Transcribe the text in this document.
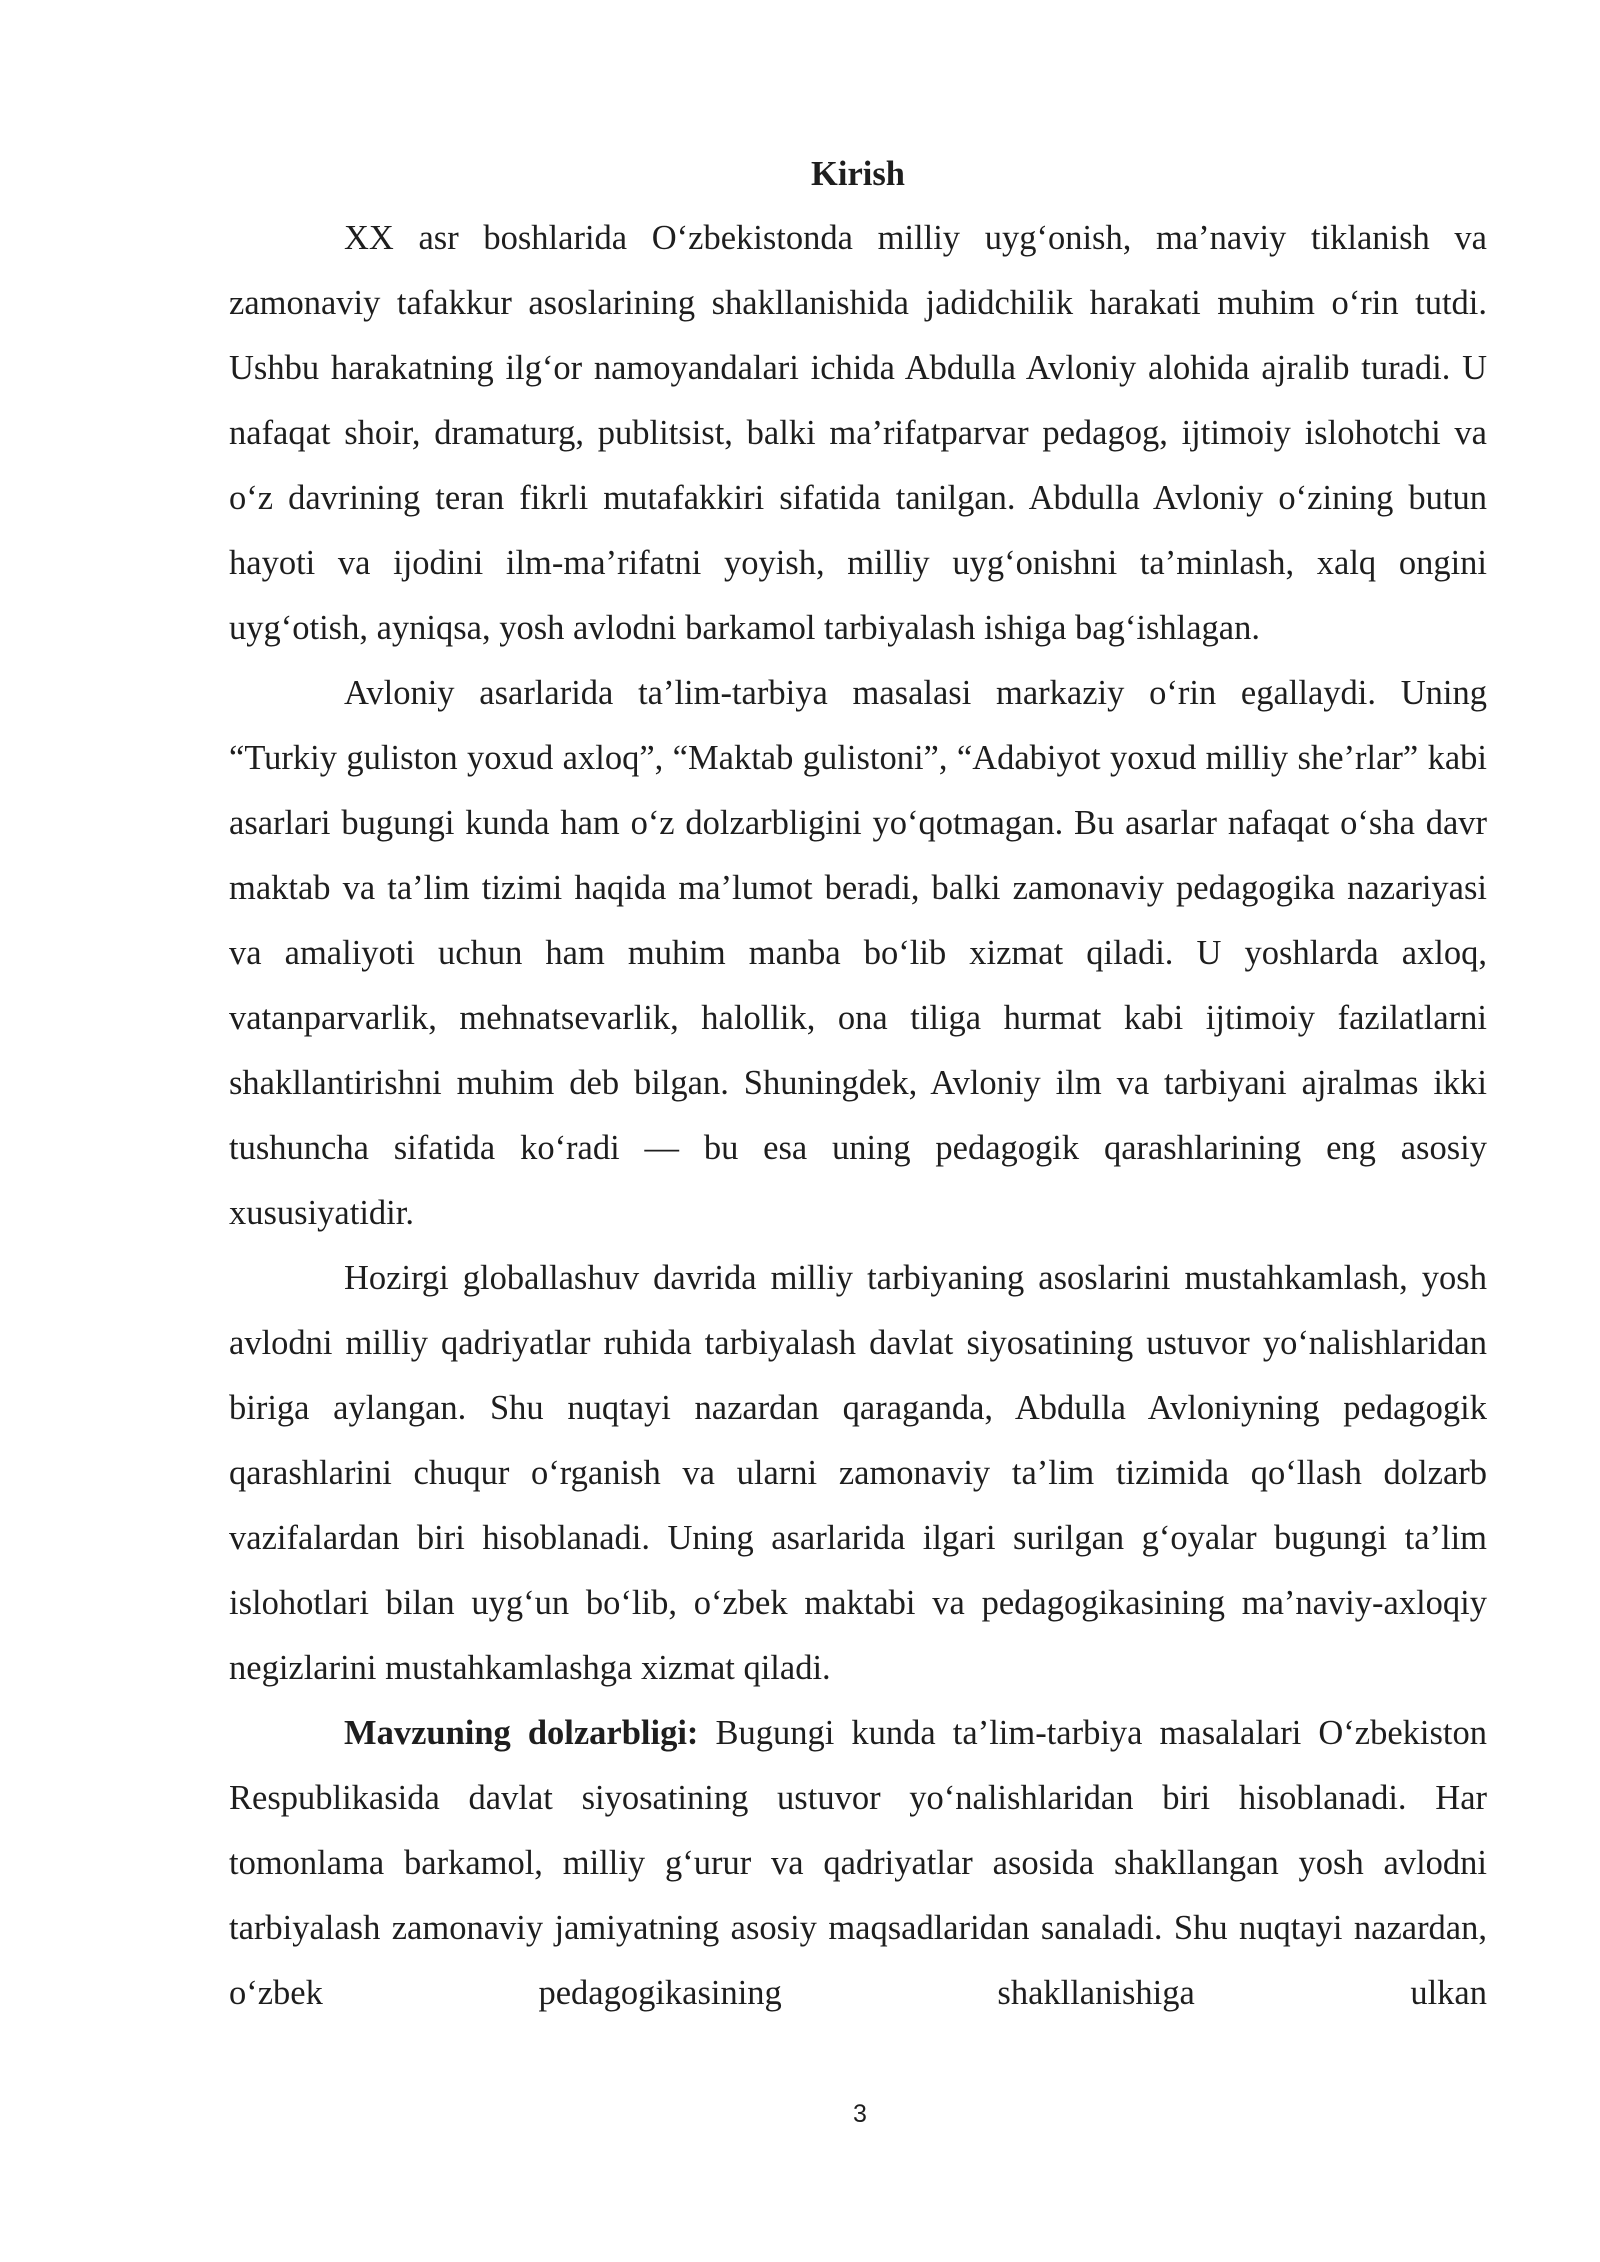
Kirish

XX asr boshlarida O‘zbekistonda milliy uyg‘onish, ma’naviy tiklanish va zamonaviy tafakkur asoslarining shakllanishida jadidchilik harakati muhim o‘rin tutdi. Ushbu harakatning ilg‘or namoyandalari ichida Abdulla Avloniy alohida ajralib turadi. U nafaqat shoir, dramaturg, publitsist, balki ma’rifatparvar pedagog, ijtimoiy islohotchi va o‘z davrining teran fikrli mutafakkiri sifatida tanilgan. Abdulla Avloniy o‘zining butun hayoti va ijodini ilm-ma’rifatni yoyish, milliy uyg‘onishni ta’minlash, xalq ongini uyg‘otish, ayniqsa, yosh avlodni barkamol tarbiyalash ishiga bag‘ishlagan.

Avloniy asarlarida ta’lim-tarbiya masalasi markaziy o‘rin egallaydi. Uning “Turkiy guliston yoxud axloq”, “Maktab gulistoni”, “Adabiyot yoxud milliy she’rlar” kabi asarlari bugungi kunda ham o‘z dolzarbligini yo‘qotmagan. Bu asarlar nafaqat o‘sha davr maktab va ta’lim tizimi haqida ma’lumot beradi, balki zamonaviy pedagogika nazariyasi va amaliyoti uchun ham muhim manba bo‘lib xizmat qiladi. U yoshlarda axloq, vatanparvarlik, mehnatsevarlik, halollik, ona tiliga hurmat kabi ijtimoiy fazilatlarni shakllantirishni muhim deb bilgan. Shuningdek, Avloniy ilm va tarbiyani ajralmas ikki tushuncha sifatida ko‘radi — bu esa uning pedagogik qarashlarining eng asosiy xususiyatidir.

Hozirgi globallashuv davrida milliy tarbiyaning asoslarini mustahkamlash, yosh avlodni milliy qadriyatlar ruhida tarbiyalash davlat siyosatining ustuvor yo‘nalishlaridan biriga aylangan. Shu nuqtayi nazardan qaraganda, Abdulla Avloniyning pedagogik qarashlarini chuqur o‘rganish va ularni zamonaviy ta’lim tizimida qo‘llash dolzarb vazifalardan biri hisoblanadi. Uning asarlarida ilgari surilgan g‘oyalar bugungi ta’lim islohotlari bilan uyg‘un bo‘lib, o‘zbek maktabi va pedagogikasining ma’naviy-axloqiy negizlarini mustahkamlashga xizmat qiladi.

Mavzuning dolzarbligi: Bugungi kunda ta’lim-tarbiya masalalari O‘zbekiston Respublikasida davlat siyosatining ustuvor yo‘nalishlaridan biri hisoblanadi. Har tomonlama barkamol, milliy g‘urur va qadriyatlar asosida shakllangan yosh avlodni tarbiyalash zamonaviy jamiyatning asosiy maqsadlaridan sanaladi. Shu nuqtayi nazardan, o‘zbek pedagogikasining shakllanishiga ulkan

3
